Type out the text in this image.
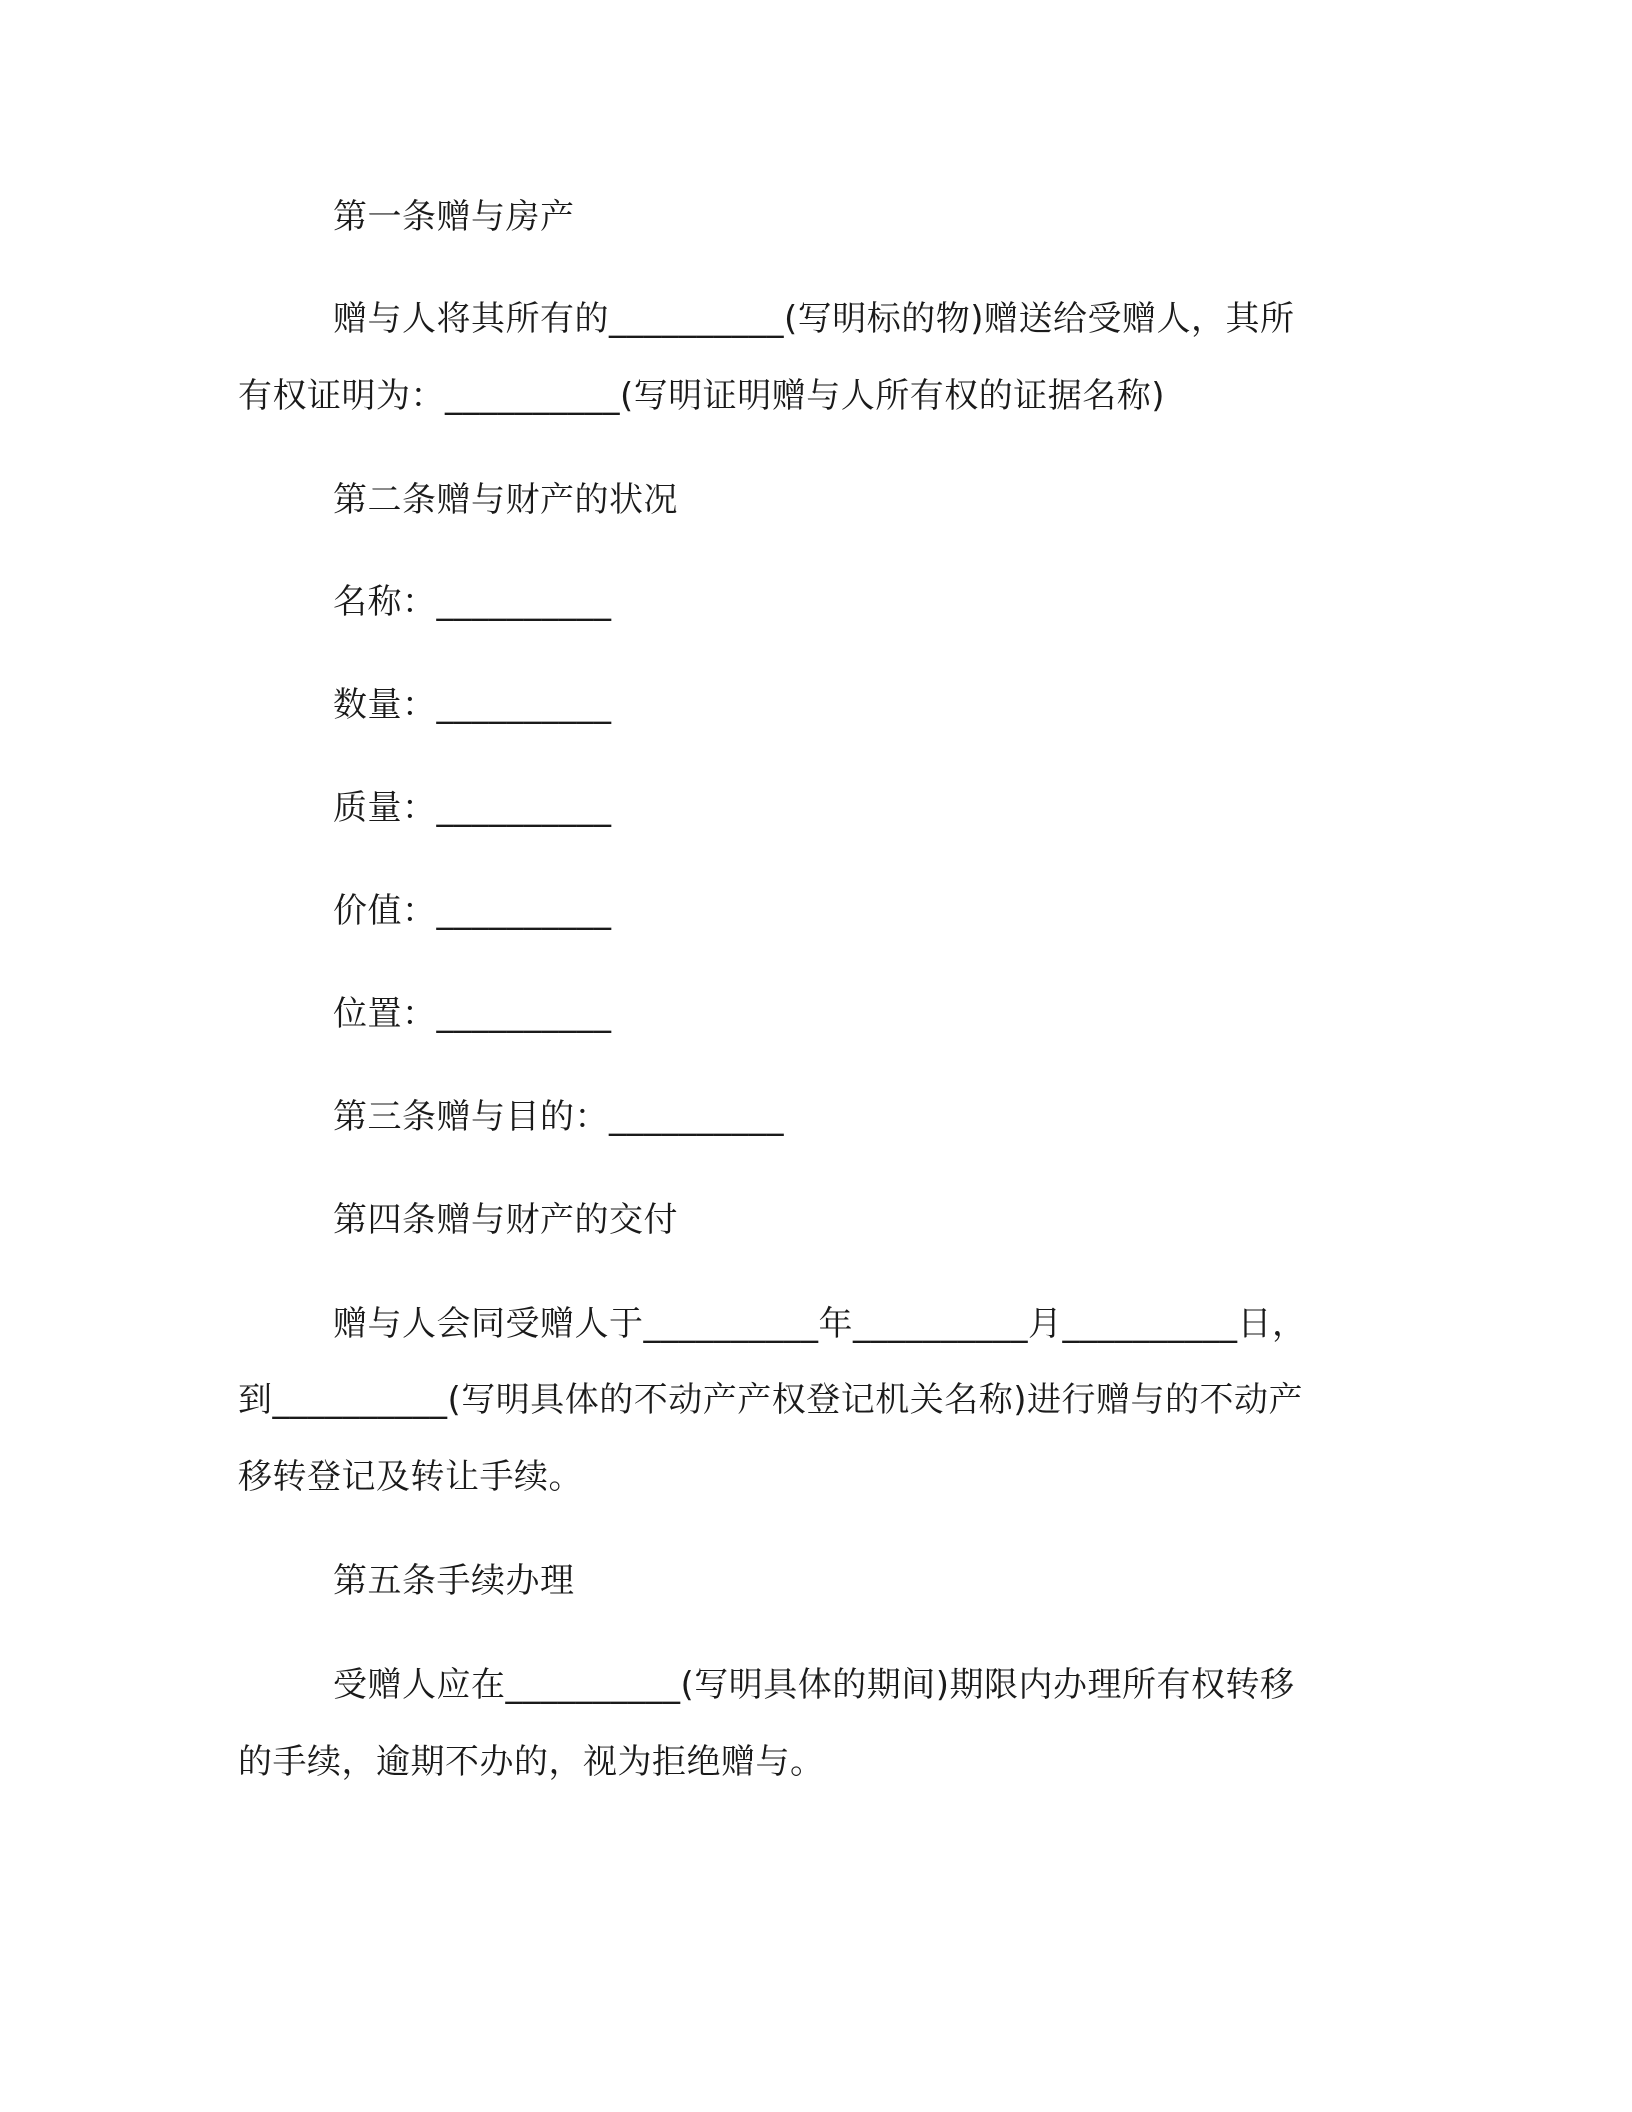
第一条赠与房产
赠与人将其所有的__________(写明标的物)赠送给受赠人，其所
有权证明为：__________(写明证明赠与人所有权的证据名称)
第二条赠与财产的状况
名称：__________
数量：__________
质量：__________
价值：__________
位置：__________
第三条赠与目的：__________
第四条赠与财产的交付
赠与人会同受赠人于__________年__________月__________日，
到__________(写明具体的不动产产权登记机关名称)进行赠与的不动产
移转登记及转让手续。
第五条手续办理
受赠人应在__________(写明具体的期间)期限内办理所有权转移
的手续，逾期不办的，视为拒绝赠与。
